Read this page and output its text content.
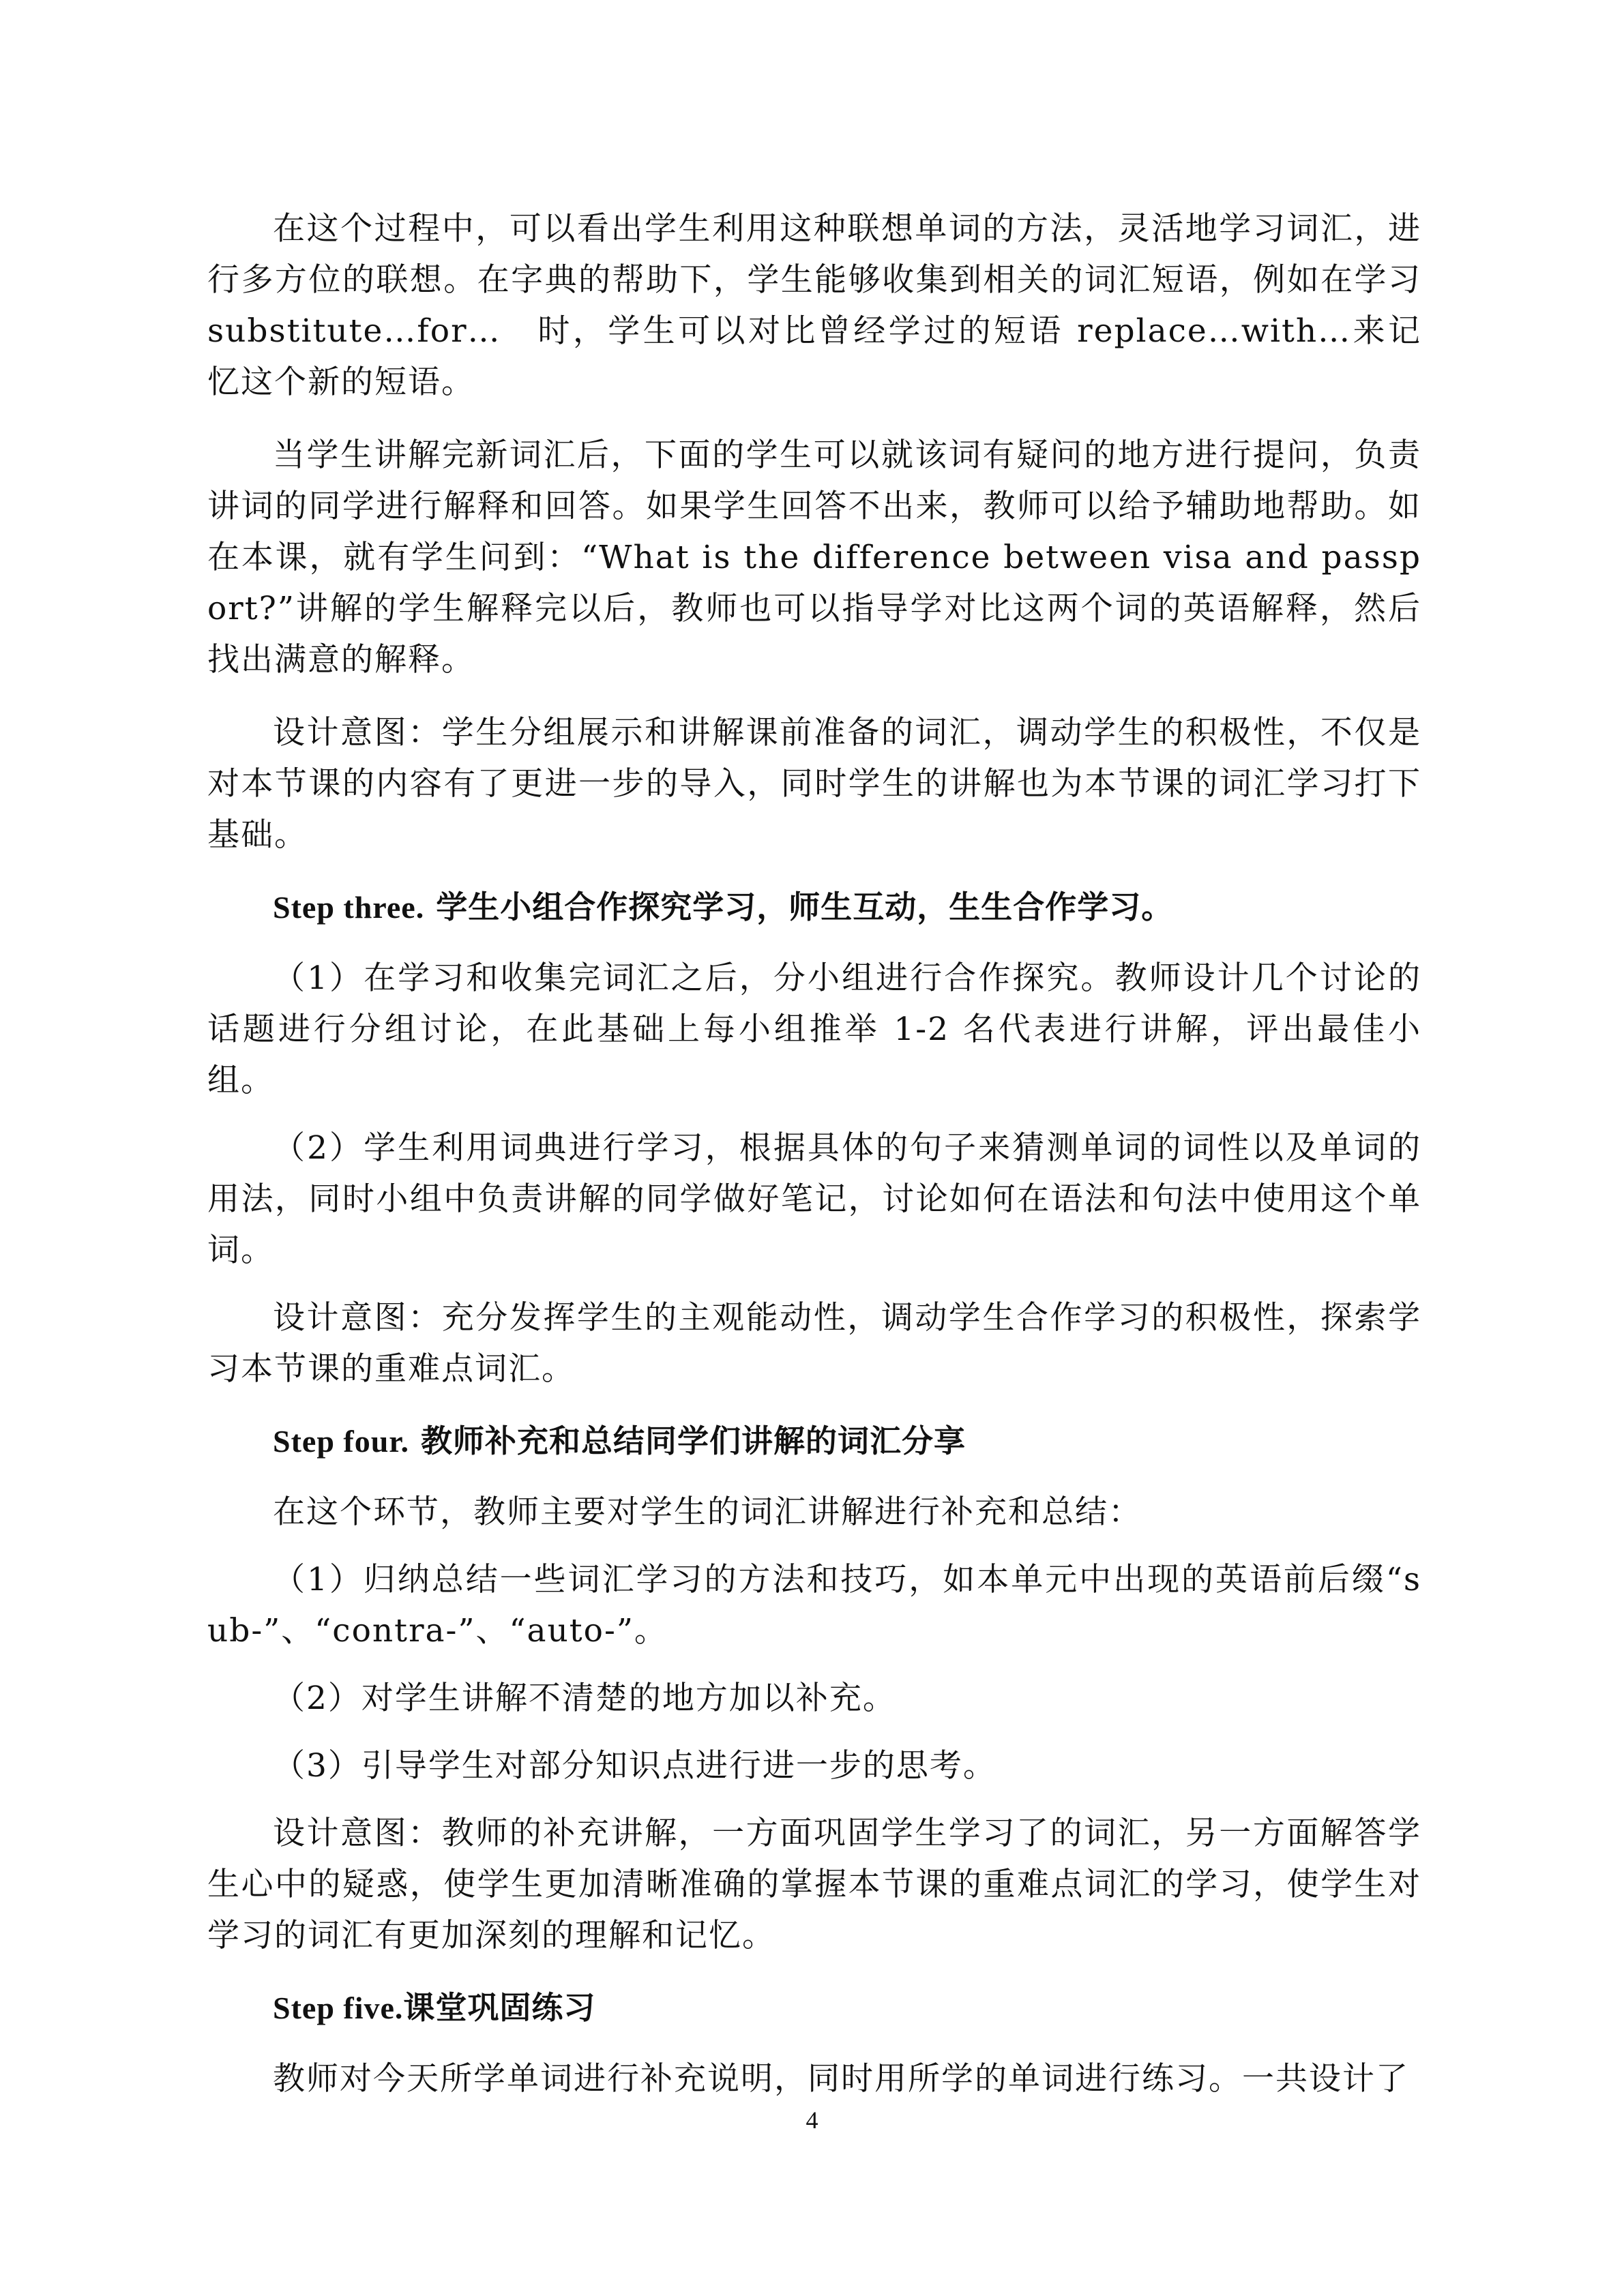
在这个过程中，可以看出学生利用这种联想单词的方法，灵活地学习词汇，进行多方位的联想。在字典的帮助下，学生能够收集到相关的词汇短语，例如在学习 substitute…for…　时，学生可以对比曾经学过的短语 replace…with…来记忆这个新的短语。

当学生讲解完新词汇后，下面的学生可以就该词有疑问的地方进行提问，负责讲词的同学进行解释和回答。如果学生回答不出来，教师可以给予辅助地帮助。如在本课，就有学生问到：“What is the difference between visa and passport?”讲解的学生解释完以后，教师也可以指导学对比这两个词的英语解释，然后找出满意的解释。

设计意图：学生分组展示和讲解课前准备的词汇，调动学生的积极性，不仅是对本节课的内容有了更进一步的导入，同时学生的讲解也为本节课的词汇学习打下基础。

Step three. 学生小组合作探究学习，师生互动，生生合作学习。

（1）在学习和收集完词汇之后，分小组进行合作探究。教师设计几个讨论的话题进行分组讨论，在此基础上每小组推举 1-2 名代表进行讲解，评出最佳小组。

（2）学生利用词典进行学习，根据具体的句子来猜测单词的词性以及单词的用法，同时小组中负责讲解的同学做好笔记，讨论如何在语法和句法中使用这个单词。

设计意图：充分发挥学生的主观能动性，调动学生合作学习的积极性，探索学习本节课的重难点词汇。

Step four. 教师补充和总结同学们讲解的词汇分享

在这个环节，教师主要对学生的词汇讲解进行补充和总结：

（1）归纳总结一些词汇学习的方法和技巧，如本单元中出现的英语前后缀“sub-”、“contra-”、“auto-”。

（2）对学生讲解不清楚的地方加以补充。

（3）引导学生对部分知识点进行进一步的思考。

设计意图：教师的补充讲解，一方面巩固学生学习了的词汇，另一方面解答学生心中的疑惑，使学生更加清晰准确的掌握本节课的重难点词汇的学习，使学生对学习的词汇有更加深刻的理解和记忆。

Step five.课堂巩固练习

教师对今天所学单词进行补充说明，同时用所学的单词进行练习。一共设计了

4
